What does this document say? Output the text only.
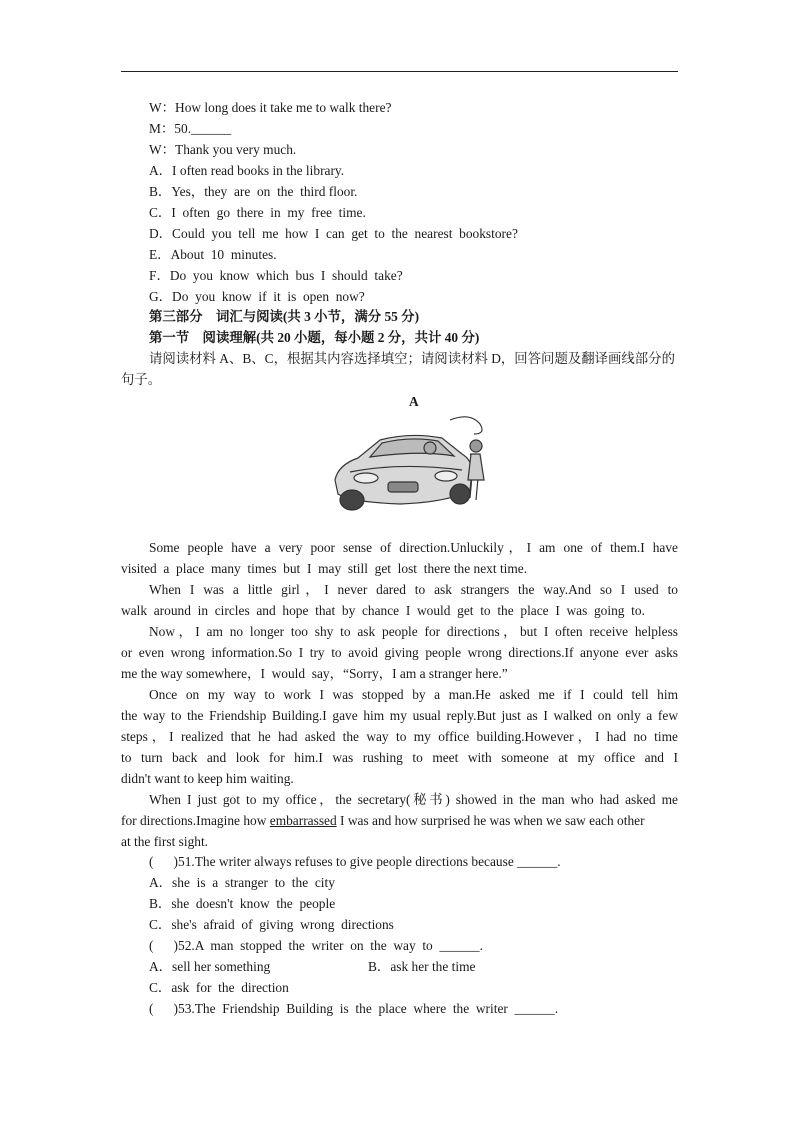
W：How long does it take me to walk there?
M：50.______
W：Thank you very much.
A．I often read books in the library.
B．Yes，they  are  on  the  third floor.
C．I  often  go  there  in  my  free  time.
D．Could  you  tell  me  how  I  can  get  to  the  nearest  bookstore?
E．About  10  minutes.
F．Do  you  know  which  bus  I  should  take?
G．Do  you  know  if  it  is  open  now?
第三部分　词汇与阅读(共 3 小节，满分 55 分)
第一节　阅读理解(共 20 小题，每小题 2 分，共计 40 分)
请阅读材料 A、B、C，根据其内容选择填空；请阅读材料 D，回答问题及翻译画线部分的
句子。
A
Some people have a very poor sense of direction.Unluckily，I am one of them.I have
visited  a  place  many  times  but  I  may  still  get  lost  there the next time.
When I was a little girl，I never dared to ask strangers the way.And so I used to
walk  around  in  circles  and  hope  that  by  chance  I  would  get  to  the  place  I  was  going  to.
Now，I am no longer too shy to ask people for directions，but I often receive helpless
or even wrong information.So I try to avoid giving people wrong directions.If anyone ever asks
me the way somewhere，I  would  say，“Sorry，I am a stranger here.”
Once on my way to work I was stopped by a man.He asked me if I could tell him
the way to the Friendship Building.I gave him my usual reply.But just as I walked on only a few
steps，I realized that he had asked the way to my office building.However，I had no time
to turn back and look for him.I was rushing to meet with someone at my office and I
didn't want to keep him waiting.
When I just got to my office，the secretary(秘书) showed in the man who had asked me
for directions.Imagine how embarrassed I was and how surprised he was when we saw each other
at the first sight.
(　  )51.The writer always refuses to give people directions because ______.
A．she  is  a  stranger  to  the  city
B．she  doesn't  know  the  people
C．she's  afraid  of  giving  wrong  directions
(　  )52.A  man  stopped  the  writer  on  the  way  to  ______.
A．sell her something	B．ask her the time
C．ask  for  the  direction
(　  )53.The  Friendship  Building  is  the  place  where  the  writer  ______.
